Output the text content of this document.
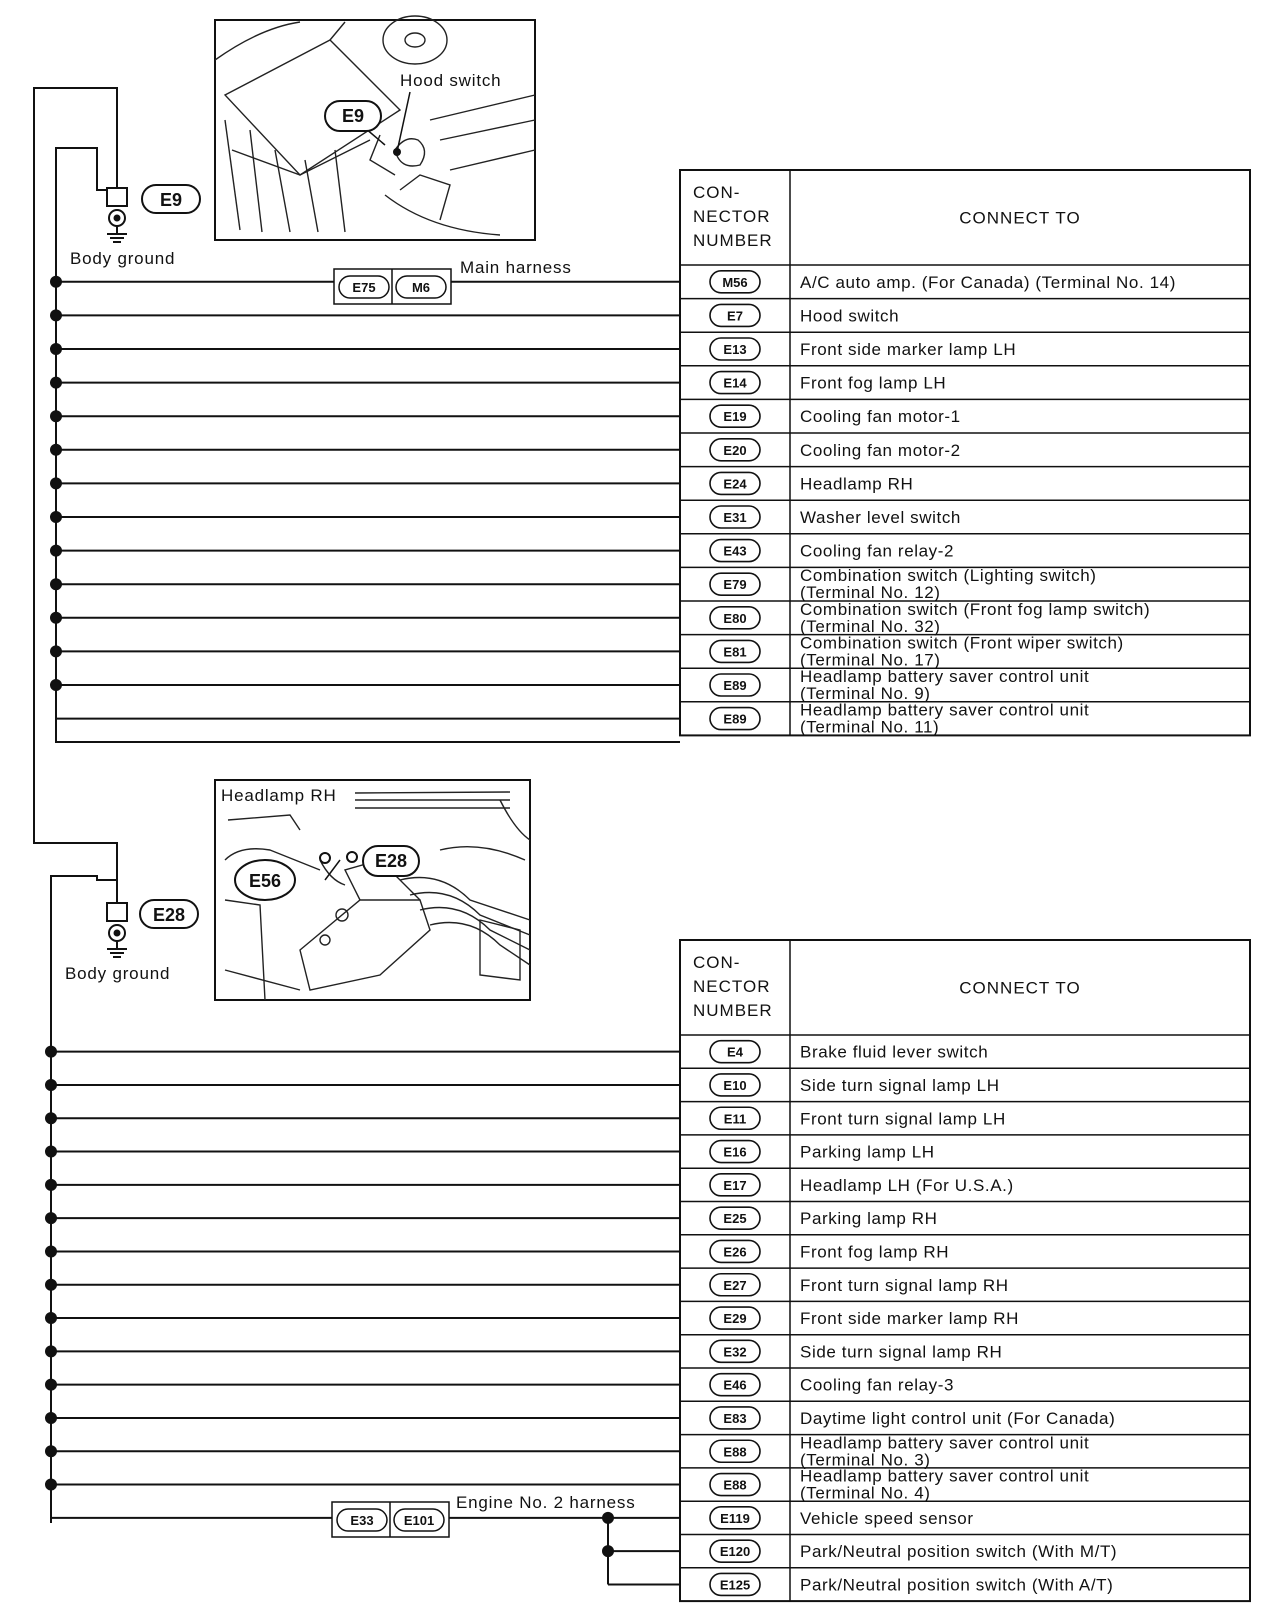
Hood switch
E9
Headlamp RH
E56
E28
E9
Body ground
E28
Body ground
E75	M6
Main harness
E33 E101
Engine No. 2 harness
CON-
NECTOR
NUMBER
CONNECT TO
M56	A/C auto amp. (For Canada) (Terminal No. 14)
E7	Hood switch
E13	Front side marker lamp LH
E14	Front fog lamp LH
E19	Cooling fan motor-1
E20	Cooling fan motor-2
E24	Headlamp RH
E31	Washer level switch
E43	Cooling fan relay-2
E79	Combination switch (Lighting switch)
(Terminal No. 12)
E80	Combination switch (Front fog lamp switch)
(Terminal No. 32)
E81	Combination switch (Front wiper switch)
(Terminal No. 17)
E89	Headlamp battery saver control unit
(Terminal No. 9)
E89	Headlamp battery saver control unit
(Terminal No. 11)
CON-
NECTOR
NUMBER
CONNECT TO
E4	Brake fluid lever switch
E10	Side turn signal lamp LH
E11	Front turn signal lamp LH
E16	Parking lamp LH
E17	Headlamp LH (For U.S.A.)
E25	Parking lamp RH
E26	Front fog lamp RH
E27	Front turn signal lamp RH
E29	Front side marker lamp RH
E32	Side turn signal lamp RH
E46	Cooling fan relay-3
E83	Daytime light control unit (For Canada)
E88	Headlamp battery saver control unit
(Terminal No. 3)
E88	Headlamp battery saver control unit
(Terminal No. 4)
E119	Vehicle speed sensor
E120	Park/Neutral position switch (With M/T)
E125	Park/Neutral position switch (With A/T)
